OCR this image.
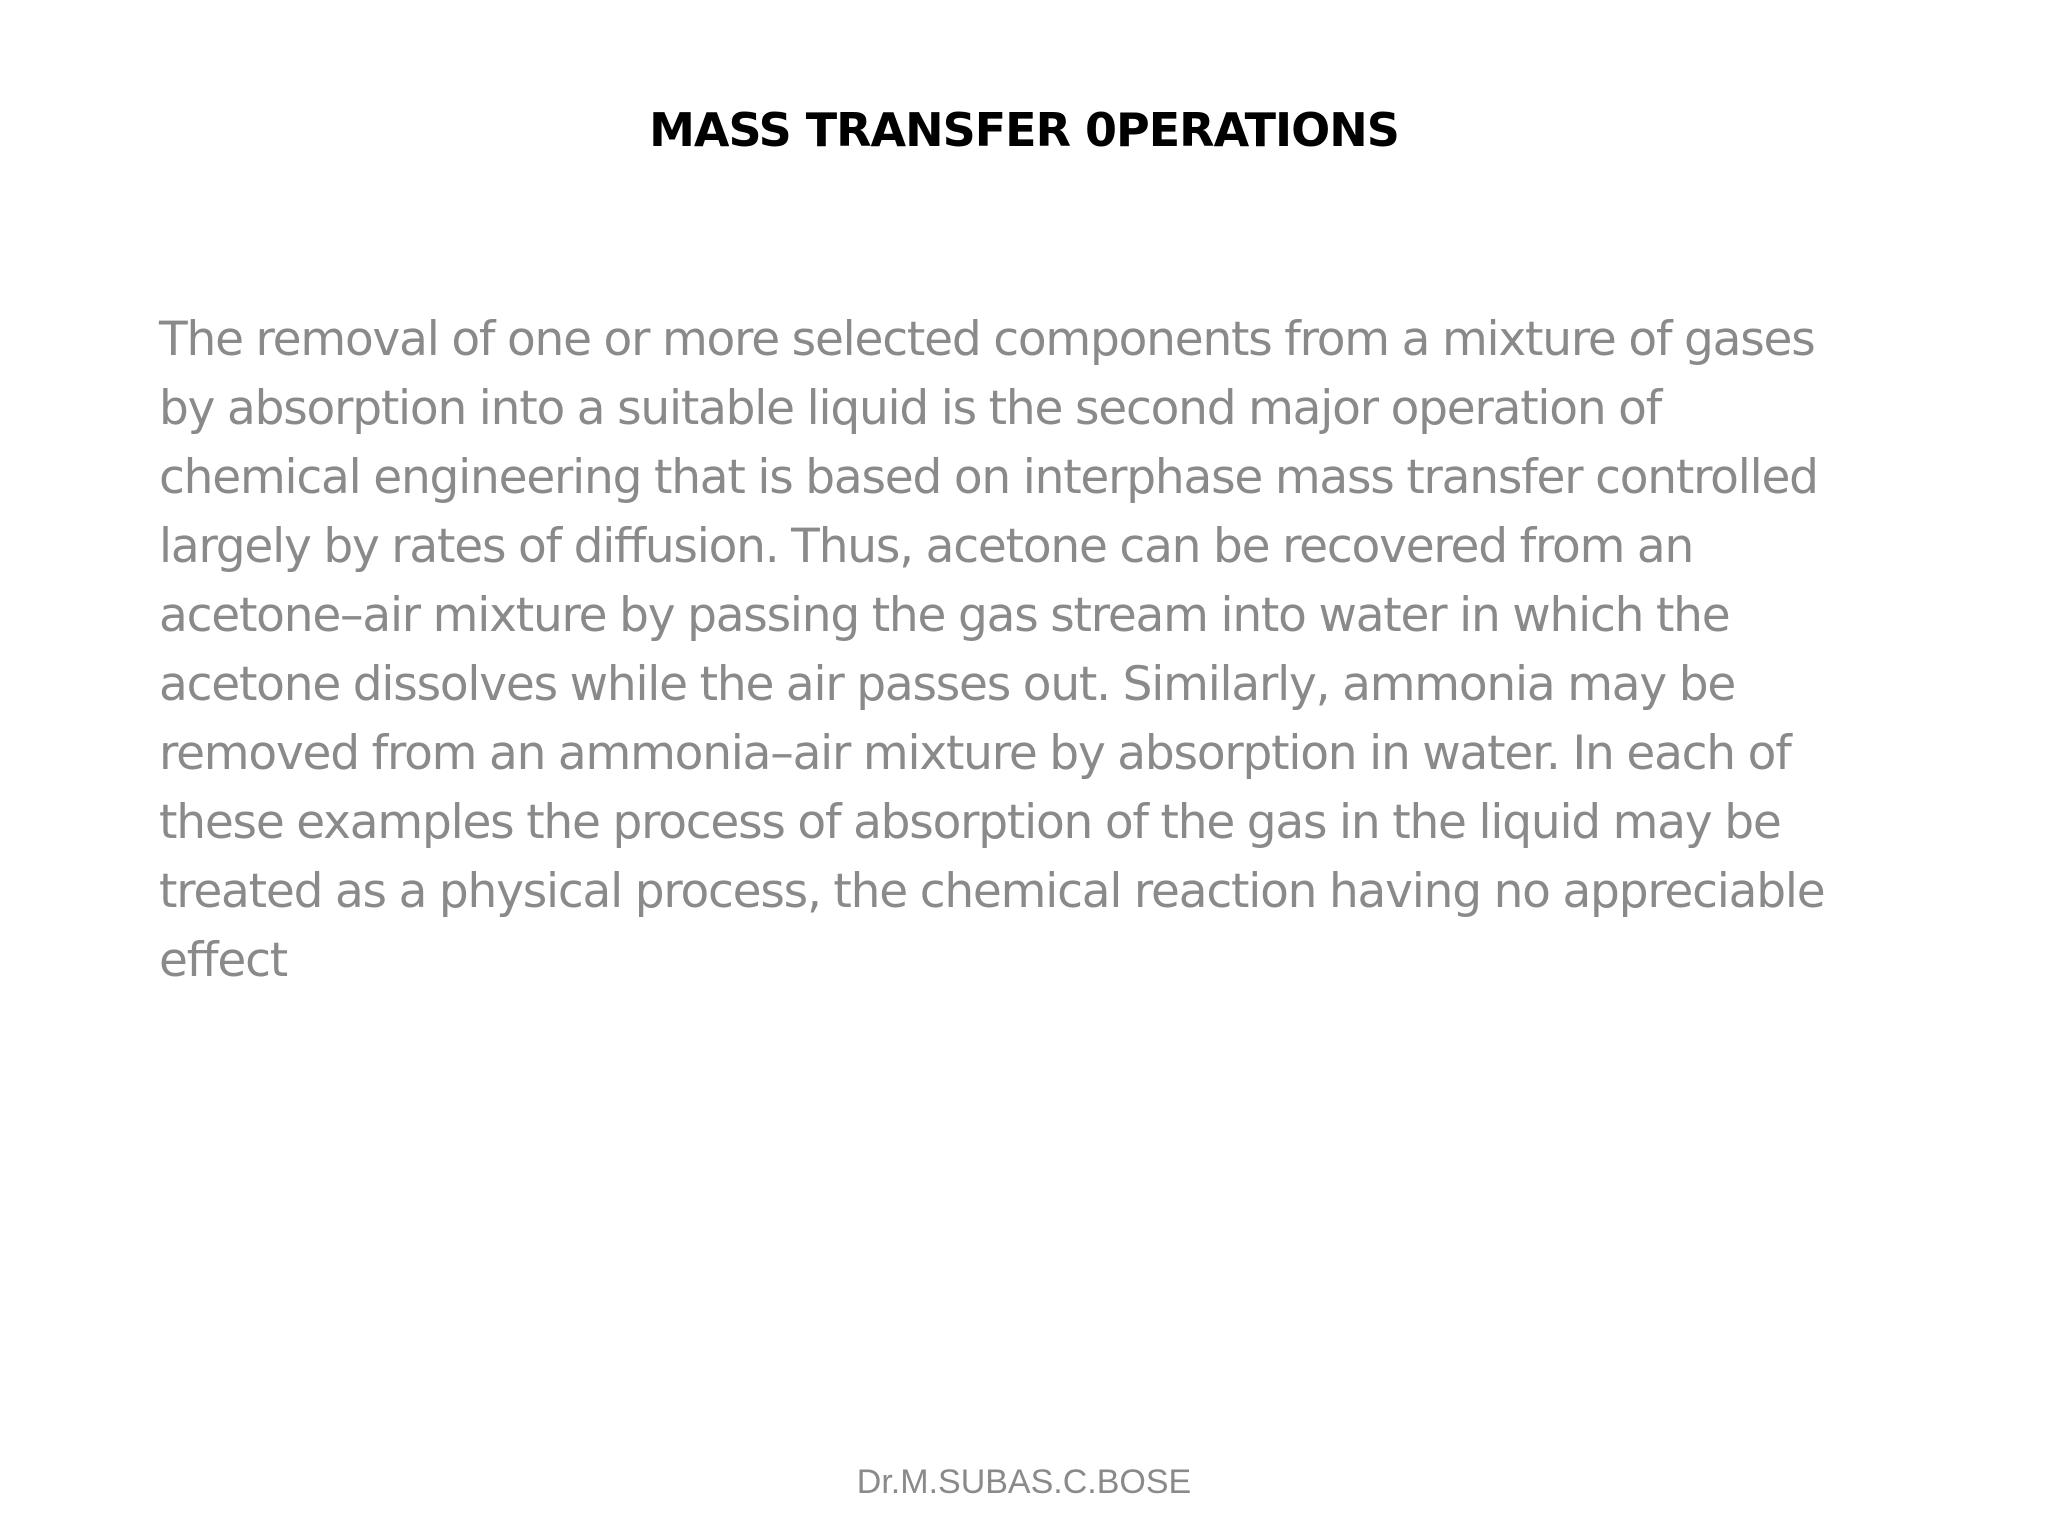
MASS TRANSFER 0PERATIONS
The removal of one or more selected components from a mixture of gases
by absorption into a suitable liquid is the second major operation of
chemical engineering that is based on interphase mass transfer controlled
largely by rates of diffusion. Thus, acetone can be recovered from an
acetone–air mixture by passing the gas stream into water in which the
acetone dissolves while the air passes out. Similarly, ammonia may be
removed from an ammonia–air mixture by absorption in water. In each of
these examples the process of absorption of the gas in the liquid may be
treated as a physical process, the chemical reaction having no appreciable
effect
Dr.M.SUBAS.C.BOSE
